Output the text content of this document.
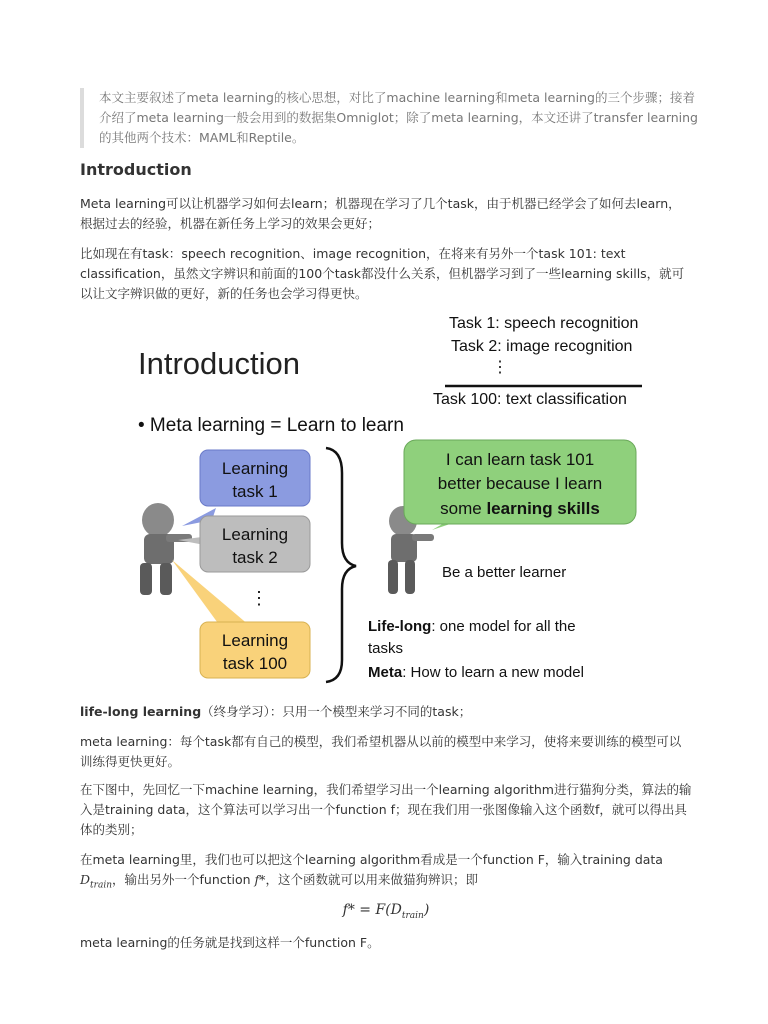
本文主要叙述了meta learning的核心思想，对比了machine learning和meta learning的三个步骤；接着介绍了meta learning一般会用到的数据集Omniglot；除了meta learning，本文还讲了transfer learning的其他两个技术：MAML和Reptile。
Introduction
Meta learning可以让机器学习如何去learn；机器现在学习了几个task，由于机器已经学会了如何去learn，根据过去的经验，机器在新任务上学习的效果会更好；
比如现在有task：speech recognition、image recognition，在将来有另外一个task 101: text classification，虽然文字辨识和前面的100个task都没什么关系，但机器学习到了一些learning skills，就可以让文字辨识做的更好，新的任务也会学习得更快。
life-long learning（终身学习）：只用一个模型来学习不同的task；
meta learning：每个task都有自己的模型，我们希望机器从以前的模型中来学习，使将来要训练的模型可以训练得更快更好。
在下图中，先回忆一下machine learning，我们希望学习出一个learning algorithm进行猫狗分类，算法的输入是training data，这个算法可以学习出一个function f；现在我们用一张图像输入这个函数f，就可以得出具体的类别；
在meta learning里，我们也可以把这个learning algorithm看成是一个function F，输入training data $D_{train}$，输出另外一个function f*，这个函数就可以用来做猫狗辨识；即
$f* = F(D_{train})$
meta learning的任务就是找到这样一个function F。
Introduction
Task 1: speech recognition
Task 2: image recognition
⋮
Task 100: text classification
• Meta learning = Learn to learn
Learning
task 1
Learning
task 2
⋮
Learning
task 100
I can learn task 101
better because I learn
some learning skills
Be a better learner
Life-long: one model for all the
tasks
Meta: How to learn a new model
